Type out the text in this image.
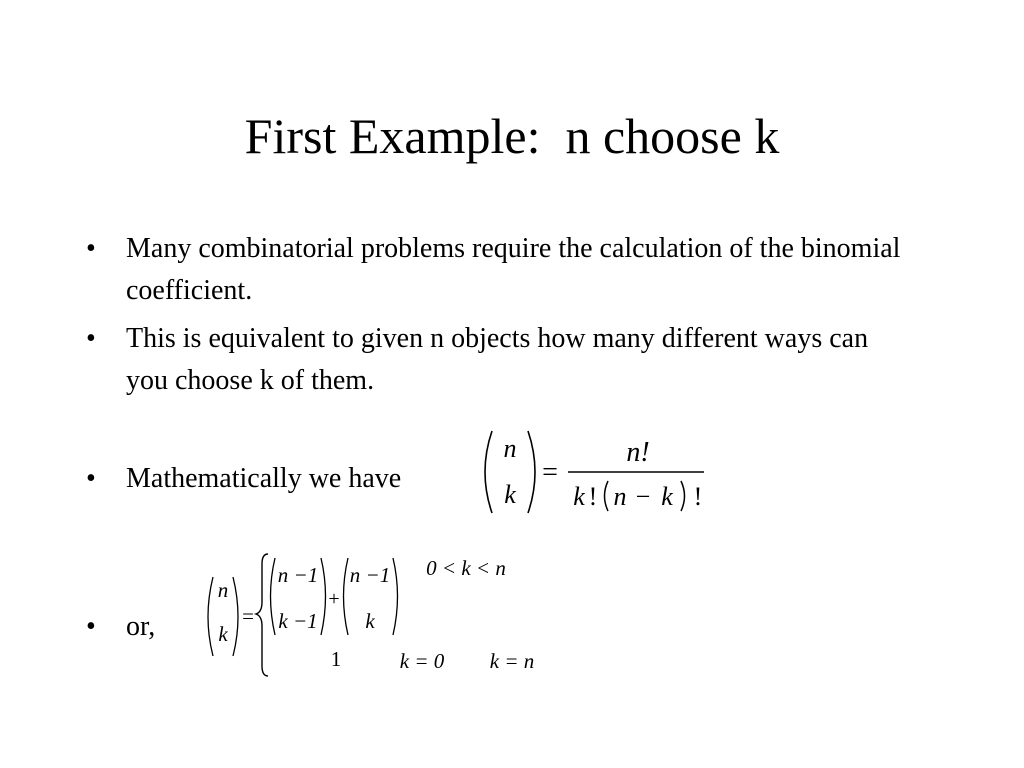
First Example:  n choose k
• Many combinatorial problems require the calculation of the binomial coefficient.
• This is equivalent to given n objects how many different ways can you choose k of them.
• Mathematically we have
n
k
=
n!
k ! n − k !
• or,
n
k
=
n −1
k −1
+
n −1
k
0 < k < n
1	k = 0 k = n
